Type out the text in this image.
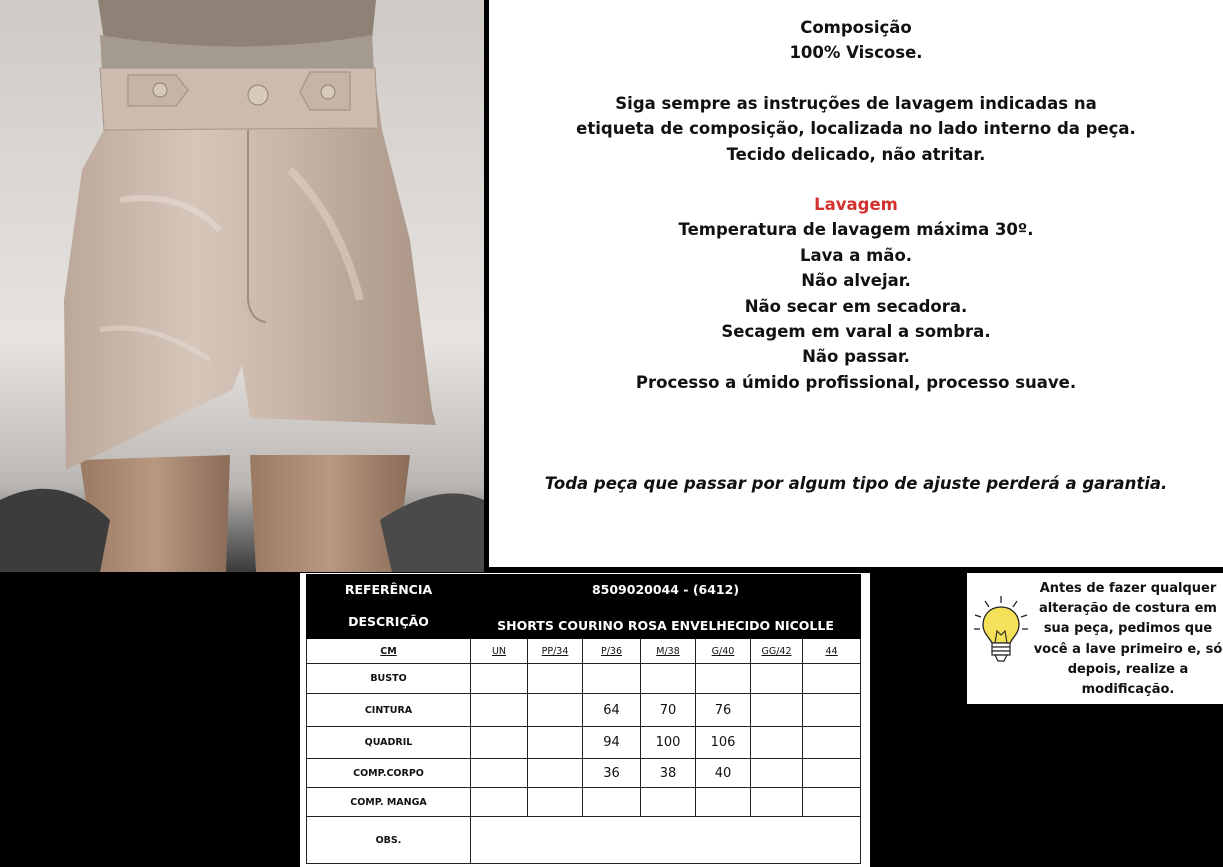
Composição
100% Viscose.
Siga sempre as instruções de lavagem indicadas na
etiqueta de composição, localizada no lado interno da peça.
Tecido delicado, não atritar.
Lavagem
Temperatura de lavagem máxima 30º.
Lava a mão.
Não alvejar.
Não secar em secadora.
Secagem em varal a sombra.
Não passar.
Processo a úmido profissional, processo suave.
Toda peça que passar por algum tipo de ajuste perderá a garantia.
REFERÊNCIA	8509020044 - (6412)						
DESCRIÇÃO	SHORTS COURINO ROSA ENVELHECIDO NICOLLE						
CM	UN	PP/34	P/36	M/38	G/40	GG/42	44
BUSTO							
CINTURA			64	70	76		
QUADRIL			94	100	106		
COMP.CORPO			36	38	40		
COMP. MANGA							
OBS.							
Antes de fazer qualquer
alteração de costura em
sua peça, pedimos que
você a lave primeiro e, só
depois, realize a
modificação.
